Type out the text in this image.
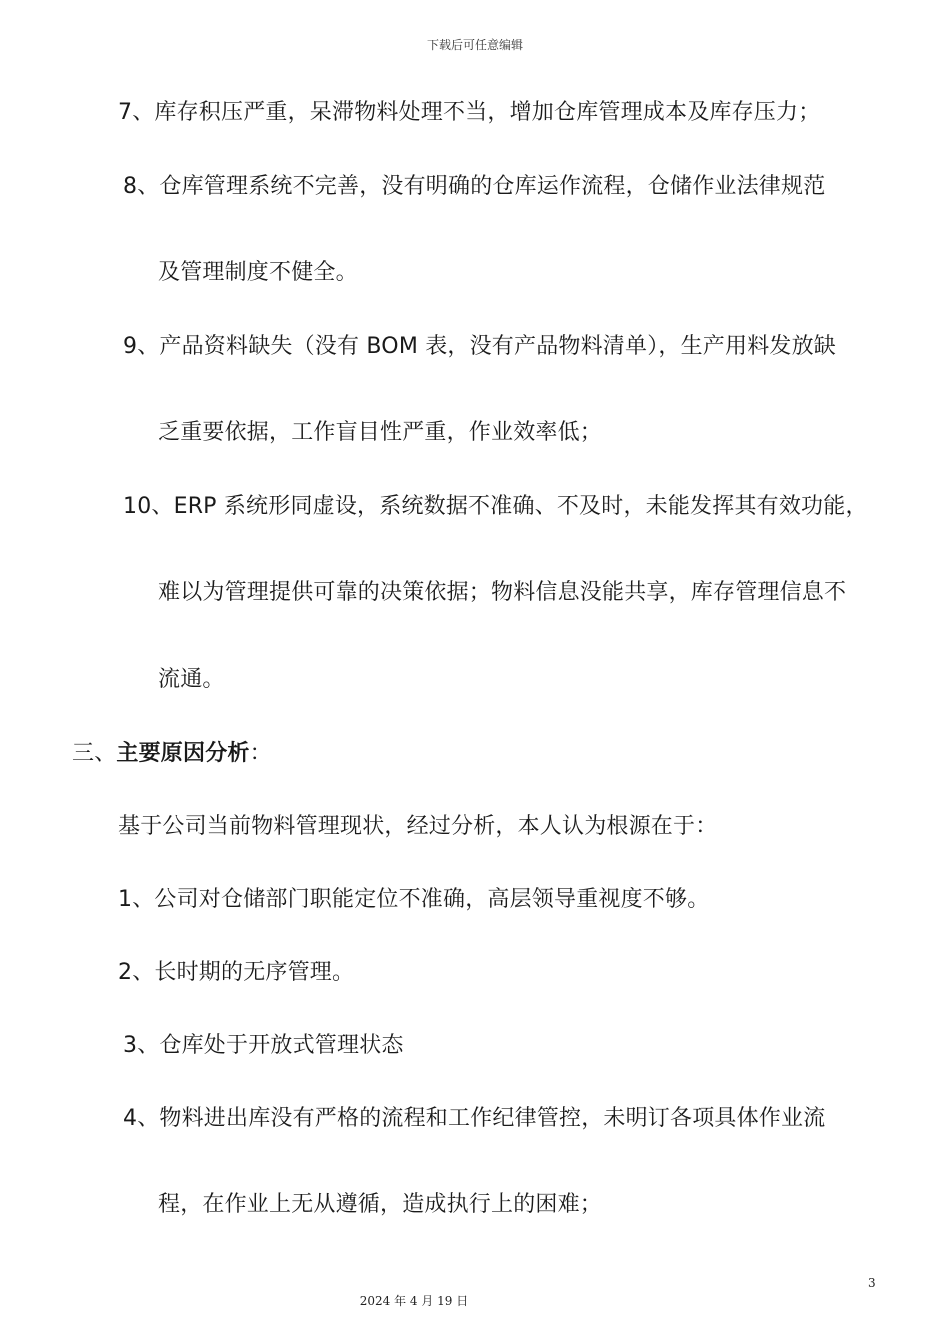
下载后可任意编辑
7、库存积压严重，呆滞物料处理不当，增加仓库管理成本及库存压力；
8、仓库管理系统不完善，没有明确的仓库运作流程，仓储作业法律规范
及管理制度不健全。
9、产品资料缺失（没有 BOM 表，没有产品物料清单），生产用料发放缺
乏重要依据，工作盲目性严重，作业效率低；
10、ERP 系统形同虚设，系统数据不准确、不及时，未能发挥其有效功能，
难以为管理提供可靠的决策依据；物料信息没能共享，库存管理信息不
流通。
三、主要原因分析：
基于公司当前物料管理现状，经过分析，本人认为根源在于：
1、公司对仓储部门职能定位不准确，高层领导重视度不够。
2、长时期的无序管理。
3、仓库处于开放式管理状态
4、物料进出库没有严格的流程和工作纪律管控，未明订各项具体作业流
程，在作业上无从遵循，造成执行上的困难；
3
2024 年 4 月 19 日
